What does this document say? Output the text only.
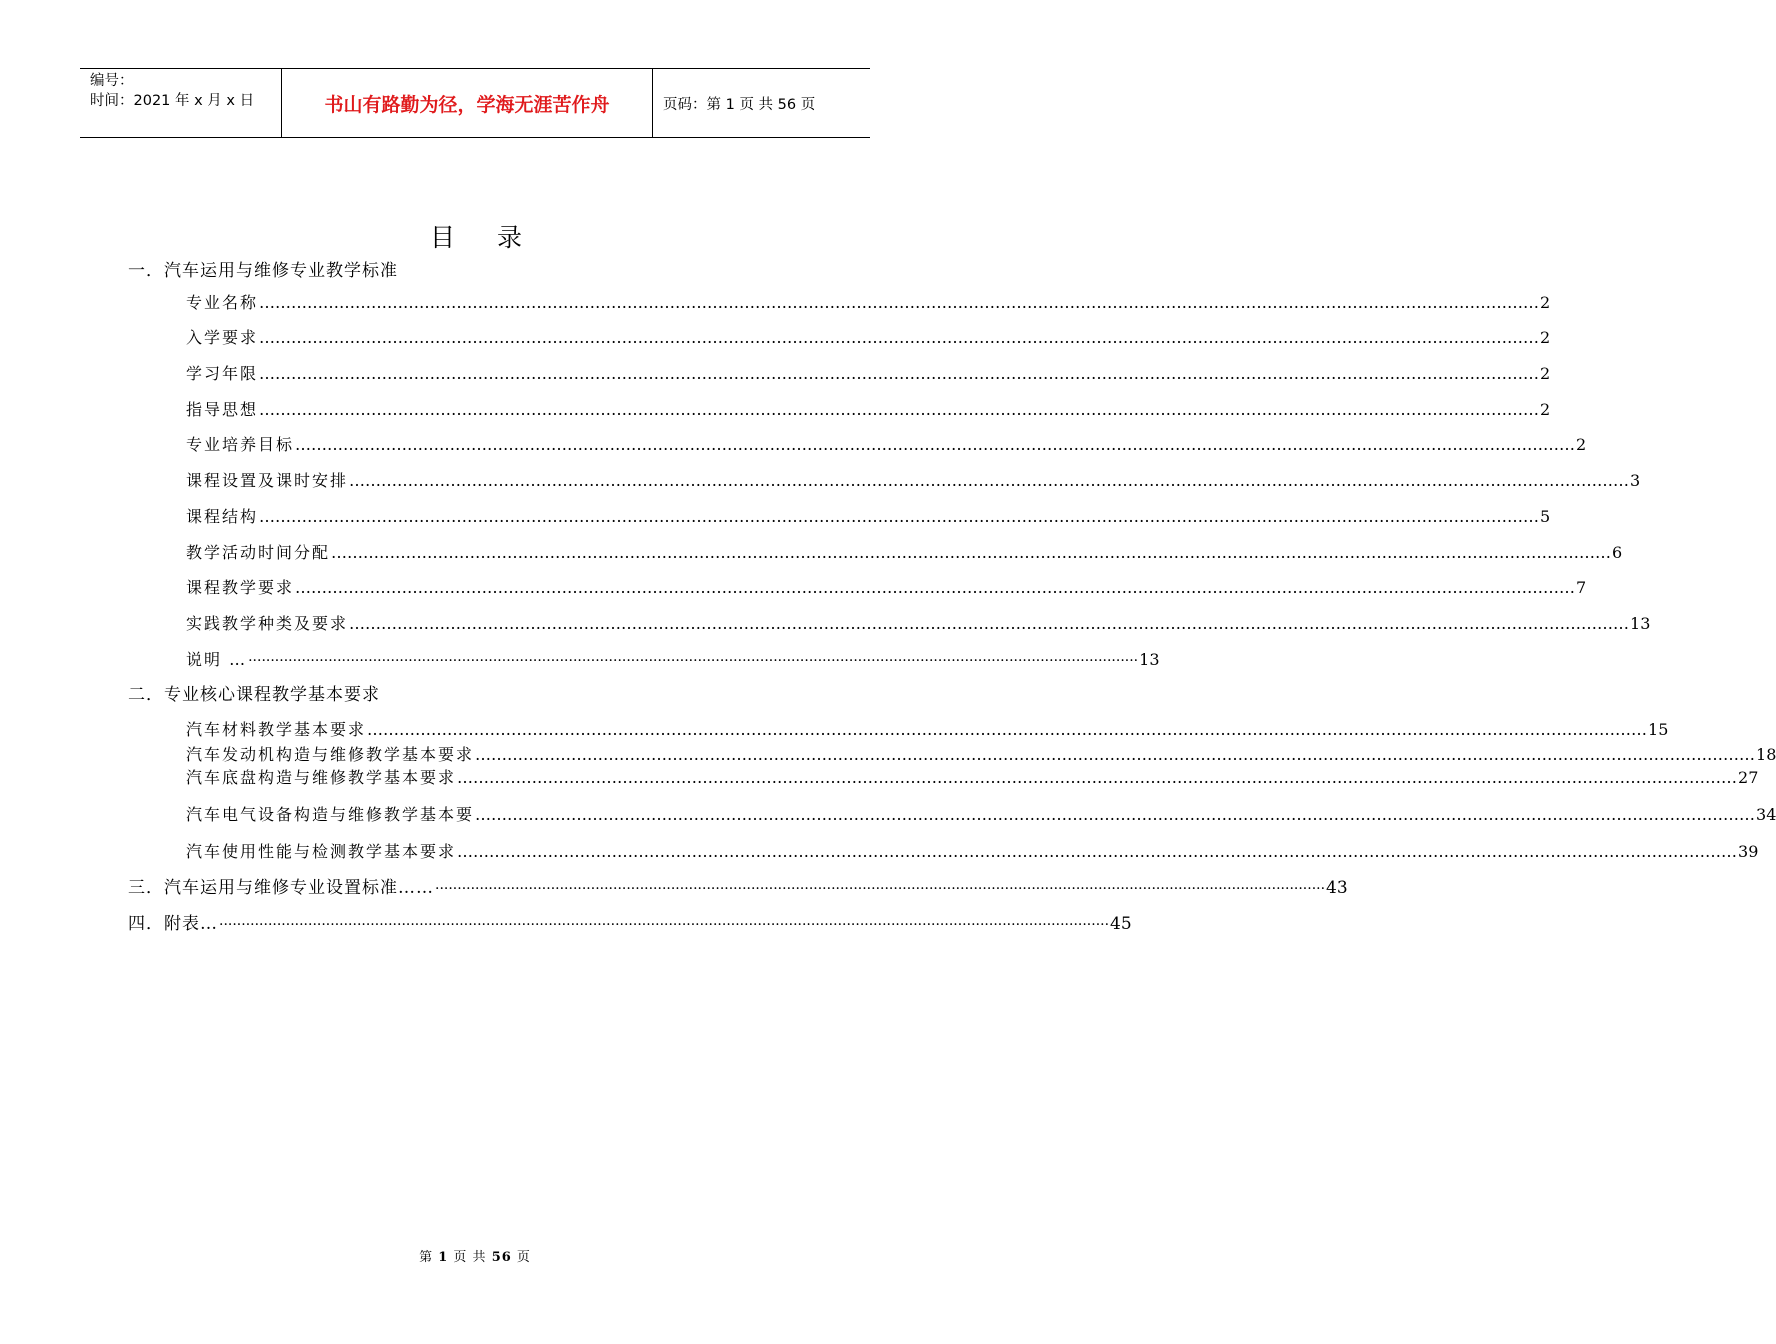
编号：
时间：2021 年 x 月 x 日	书山有路勤为径，学海无涯苦作舟	页码：第 1 页 共 56 页
目 录
一．汽车运用与维修专业教学标准
专业名称 …………………………………………………………………………………………………………………………………………………………………………………………………………………… 2
入学要求 …………………………………………………………………………………………………………………………………………………………………………………………………………………… 2
学习年限 …………………………………………………………………………………………………………………………………………………………………………………………………………………… 2
指导思想 …………………………………………………………………………………………………………………………………………………………………………………………………………………… 2
专业培养目标 …………………………………………………………………………………………………………………………………………………………………………………………………………………… 2
课程设置及课时安排 …………………………………………………………………………………………………………………………………………………………………………………………………………………… 3
课程结构 …………………………………………………………………………………………………………………………………………………………………………………………………………………… 5
教学活动时间分配 …………………………………………………………………………………………………………………………………………………………………………………………………………………… 6
课程教学要求 …………………………………………………………………………………………………………………………………………………………………………………………………………………… 7
实践教学种类及要求 …………………………………………………………………………………………………………………………………………………………………………………………………………………… 13
说明 … ········································································································································································································ 13
二．专业核心课程教学基本要求
汽车材料教学基本要求 …………………………………………………………………………………………………………………………………………………………………………………………………………………… 15
汽车发动机构造与维修教学基本要求 …………………………………………………………………………………………………………………………………………………………………………………………………………………… 18
汽车底盘构造与维修教学基本要求 …………………………………………………………………………………………………………………………………………………………………………………………………………………… 27
汽车电气设备构造与维修教学基本要 …………………………………………………………………………………………………………………………………………………………………………………………………………………… 34
汽车使用性能与检测教学基本要求 …………………………………………………………………………………………………………………………………………………………………………………………………………………… 39
三．汽车运用与维修专业设置标准…… ········································································································································································································ 43
四．附表… ········································································································································································································ 45
第 1 页 共 56 页
